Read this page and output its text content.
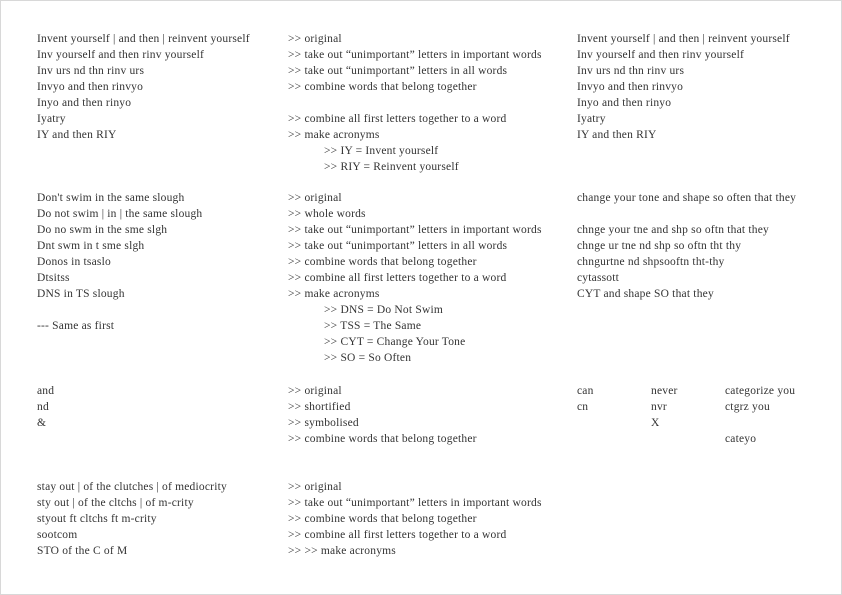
Invent yourself | and then | reinvent yourself
Inv yourself and then rinv yourself
Inv urs nd thn rinv urs
Invyo and then rinvyo
Inyo and then rinyo
Iyatry
IY and then RIY
>> original
>> take out “unimportant” letters in important words
>> take out “unimportant” letters in all words
>> combine words that belong together
>> combine all first letters together to a word
>> make acronyms
>> IY = Invent yourself
>> RIY = Reinvent yourself
Invent yourself | and then | reinvent yourself
Inv yourself and then rinv yourself
Inv urs nd thn rinv urs
Invyo and then rinvyo
Inyo and then rinyo
Iyatry
IY and then RIY
Don't swim in the same slough
Do not swim | in | the same slough
Do no swm in the sme slgh
Dnt swm in t sme slgh
Donos in tsaslo
Dtsitss
DNS in TS slough
--- Same as first
>> original
>> whole words
>> take out “unimportant” letters in important words
>> take out “unimportant” letters in all words
>> combine words that belong together
>> combine all first letters together to a word
>> make acronyms
>> DNS = Do Not Swim
>> TSS = The Same
>> CYT = Change Your Tone
>> SO = So Often
change your tone and shape so often that they
chnge your tne and shp so oftn that they
chnge ur tne nd shp so oftn tht thy
chngurtne nd shpsooftn tht-thy
cytassott
CYT and shape SO that they
and
nd
&
>> original
>> shortified
>> symbolised
>> combine words that belong together
can
cn
never
nvr
X
categorize you
ctgrz you
cateyo
stay out | of the clutches | of mediocrity
sty out | of the cltchs | of m-crity
styout ft cltchs ft m-crity
sootcom
STO of the C of M
>> original
>> take out “unimportant” letters in important words
>> combine words that belong together
>> combine all first letters together to a word
>> >> make acronyms
